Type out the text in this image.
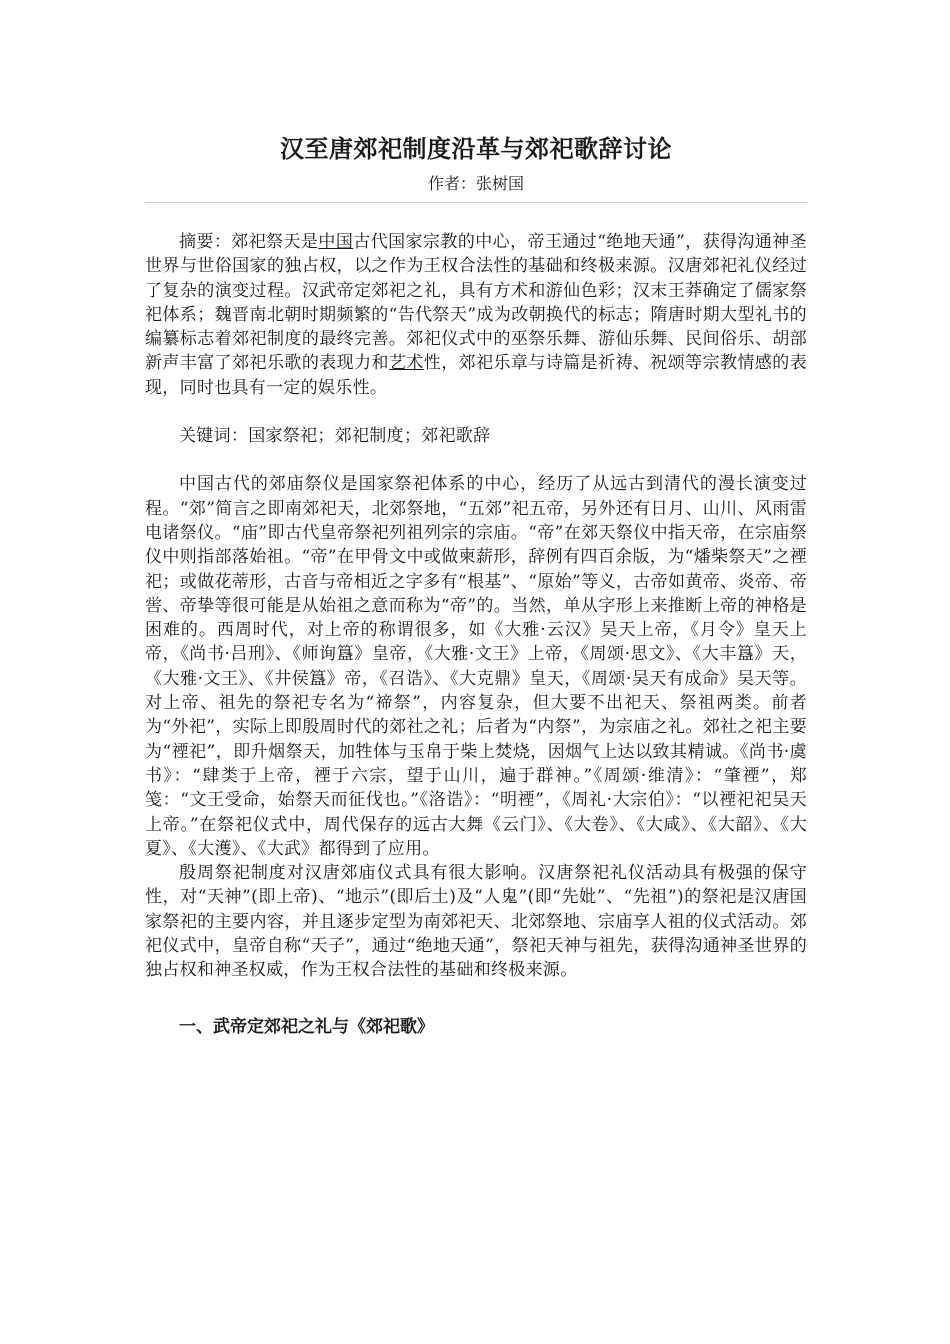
汉至唐郊祀制度沿革与郊祀歌辞讨论
作者：张树国

摘要：郊祀祭天是中国古代国家宗教的中心，帝王通过“绝地天通”，获得沟通神圣世界与世俗国家的独占权，以之作为王权合法性的基础和终极来源。汉唐郊祀礼仪经过了复杂的演变过程。汉武帝定郊祀之礼，具有方术和游仙色彩；汉末王莽确定了儒家祭祀体系；魏晋南北朝时期频繁的“告代祭天”成为改朝换代的标志；隋唐时期大型礼书的编纂标志着郊祀制度的最终完善。郊祀仪式中的巫祭乐舞、游仙乐舞、民间俗乐、胡部新声丰富了郊祀乐歌的表现力和艺术性，郊祀乐章与诗篇是祈祷、祝颂等宗教情感的表现，同时也具有一定的娱乐性。

关键词：国家祭祀；郊祀制度；郊祀歌辞

中国古代的郊庙祭仪是国家祭祀体系的中心，经历了从远古到清代的漫长演变过程。“郊”简言之即南郊祀天，北郊祭地，“五郊”祀五帝，另外还有日月、山川、风雨雷电诸祭仪。“庙”即古代皇帝祭祀列祖列宗的宗庙。“帝”在郊天祭仪中指天帝，在宗庙祭仪中则指部落始祖。“帝”在甲骨文中或做柬薪形，辞例有四百余版，为“燔柴祭天”之禋祀；或做花蒂形，古音与帝相近之字多有“根基”、“原始”等义，古帝如黄帝、炎帝、帝喾、帝挚等很可能是从始祖之意而称为“帝”的。当然，单从字形上来推断上帝的神格是困难的。西周时代，对上帝的称谓很多，如《大雅·云汉》吴天上帝，《月令》皇天上帝，《尚书·吕刑》、《师询簋》皇帝，《大雅·文王》上帝，《周颂·思文》、《大丰簋》天，《大雅·文王》、《井侯簋》帝，《召诰》、《大克鼎》皇天，《周颂·吴天有成命》吴天等。对上帝、祖先的祭祀专名为“禘祭”，内容复杂，但大要不出祀天、祭祖两类。前者为“外祀”，实际上即殷周时代的郊社之礼；后者为“内祭”，为宗庙之礼。郊社之祀主要为“禋祀”，即升烟祭天，加牲体与玉帛于柴上焚烧，因烟气上达以致其精诚。《尚书·虞书》：“肆类于上帝，禋于六宗，望于山川，遍于群神。”《周颂·维清》：“肇禋”，郑笺：“文王受命，始祭天而征伐也。”《洛诰》：“明禋”，《周礼·大宗伯》：“以禋祀祀吴天上帝。”在祭祀仪式中，周代保存的远古大舞《云门》、《大卷》、《大咸》、《大韶》、《大夏》、《大濩》、《大武》都得到了应用。

殷周祭祀制度对汉唐郊庙仪式具有很大影响。汉唐祭祀礼仪活动具有极强的保守性，对“天神”(即上帝)、“地示”(即后土)及“人鬼”(即“先妣”、“先祖”)的祭祀是汉唐国家祭祀的主要内容，并且逐步定型为南郊祀天、北郊祭地、宗庙享人祖的仪式活动。郊祀仪式中，皇帝自称“天子”，通过“绝地天通”，祭祀天神与祖先，获得沟通神圣世界的独占权和神圣权威，作为王权合法性的基础和终极来源。

一、武帝定郊祀之礼与《郊祀歌》
